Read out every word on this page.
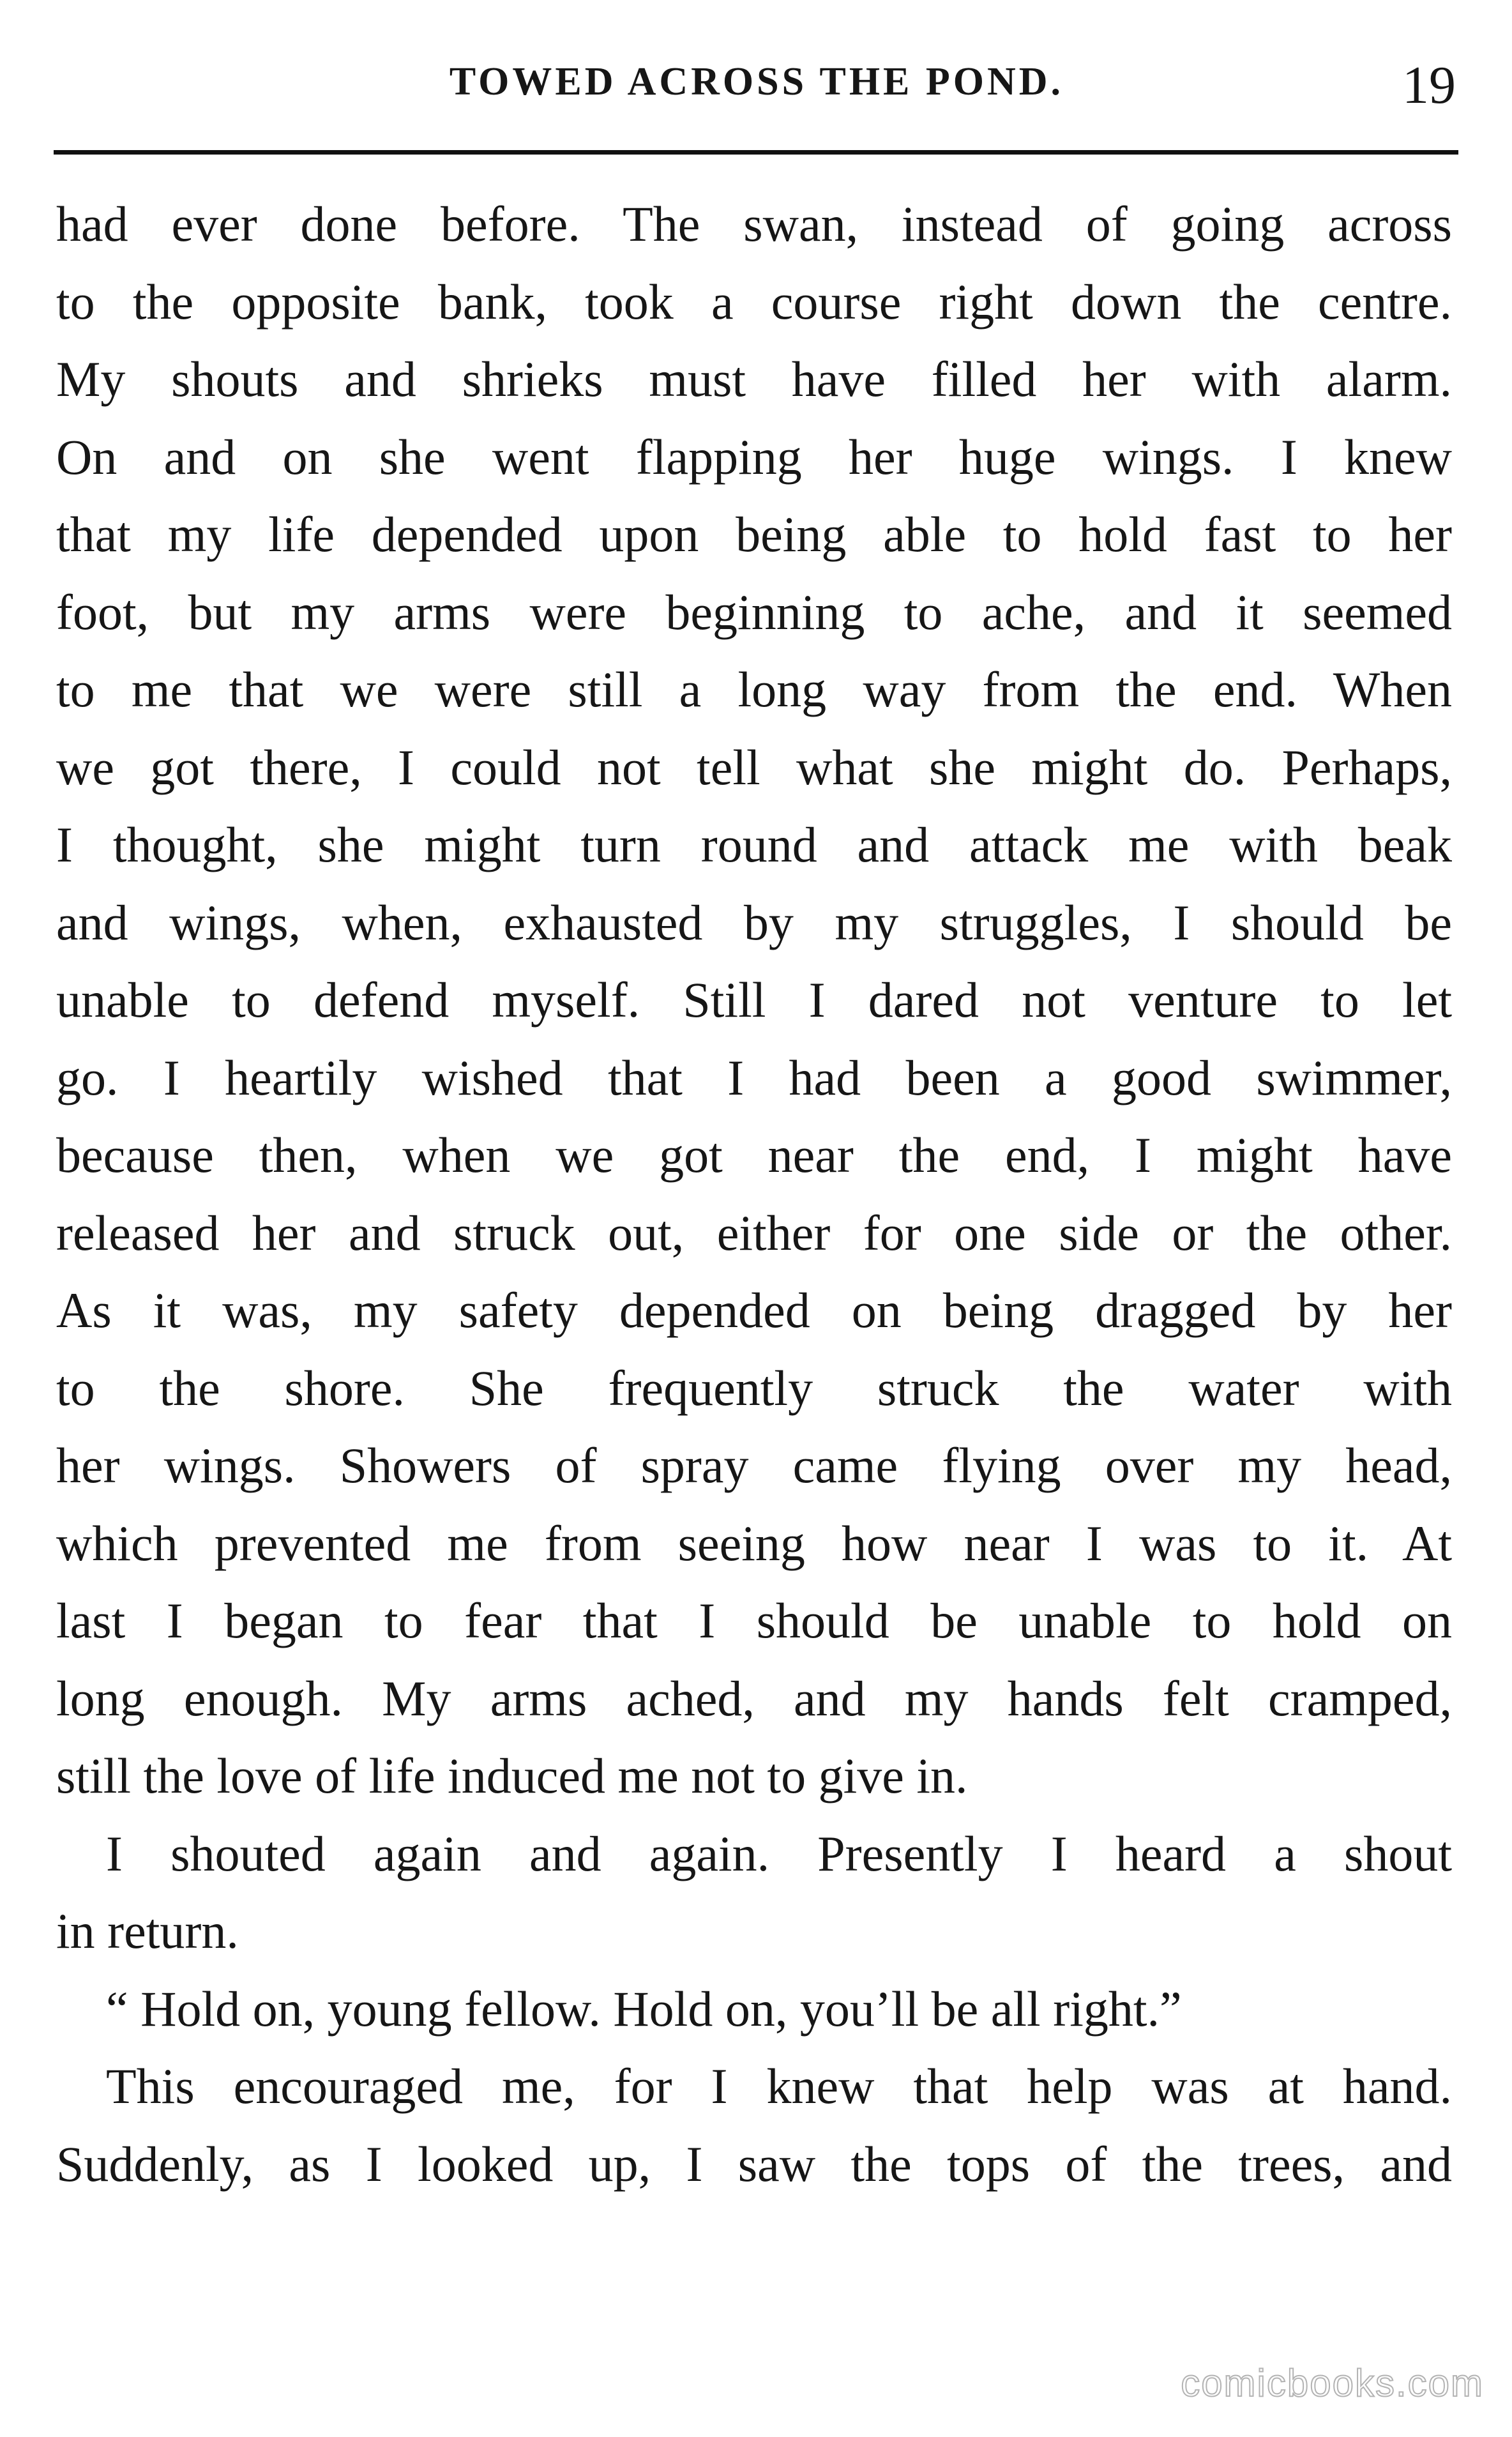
TOWED ACROSS THE POND.	19
had ever done before. The swan, instead of going across
to the opposite bank, took a course right down the centre.
My shouts and shrieks must have filled her with alarm.
On and on she went flapping her huge wings. I knew
that my life depended upon being able to hold fast to her
foot, but my arms were beginning to ache, and it seemed
to me that we were still a long way from the end. When
we got there, I could not tell what she might do. Perhaps,
I thought, she might turn round and attack me with beak
and wings, when, exhausted by my struggles, I should be
unable to defend myself. Still I dared not venture to let
go. I heartily wished that I had been a good swimmer,
because then, when we got near the end, I might have
released her and struck out, either for one side or the other.
As it was, my safety depended on being dragged by her
to the shore. She frequently struck the water with
her wings. Showers of spray came flying over my head,
which prevented me from seeing how near I was to it. At
last I began to fear that I should be unable to hold on
long enough. My arms ached, and my hands felt cramped,
still the love of life induced me not to give in.
I shouted again and again. Presently I heard a shout
in return.
“ Hold on, young fellow. Hold on, you’ll be all right.”
This encouraged me, for I knew that help was at hand.
Suddenly, as I looked up, I saw the tops of the trees, and
comicbooks.com
